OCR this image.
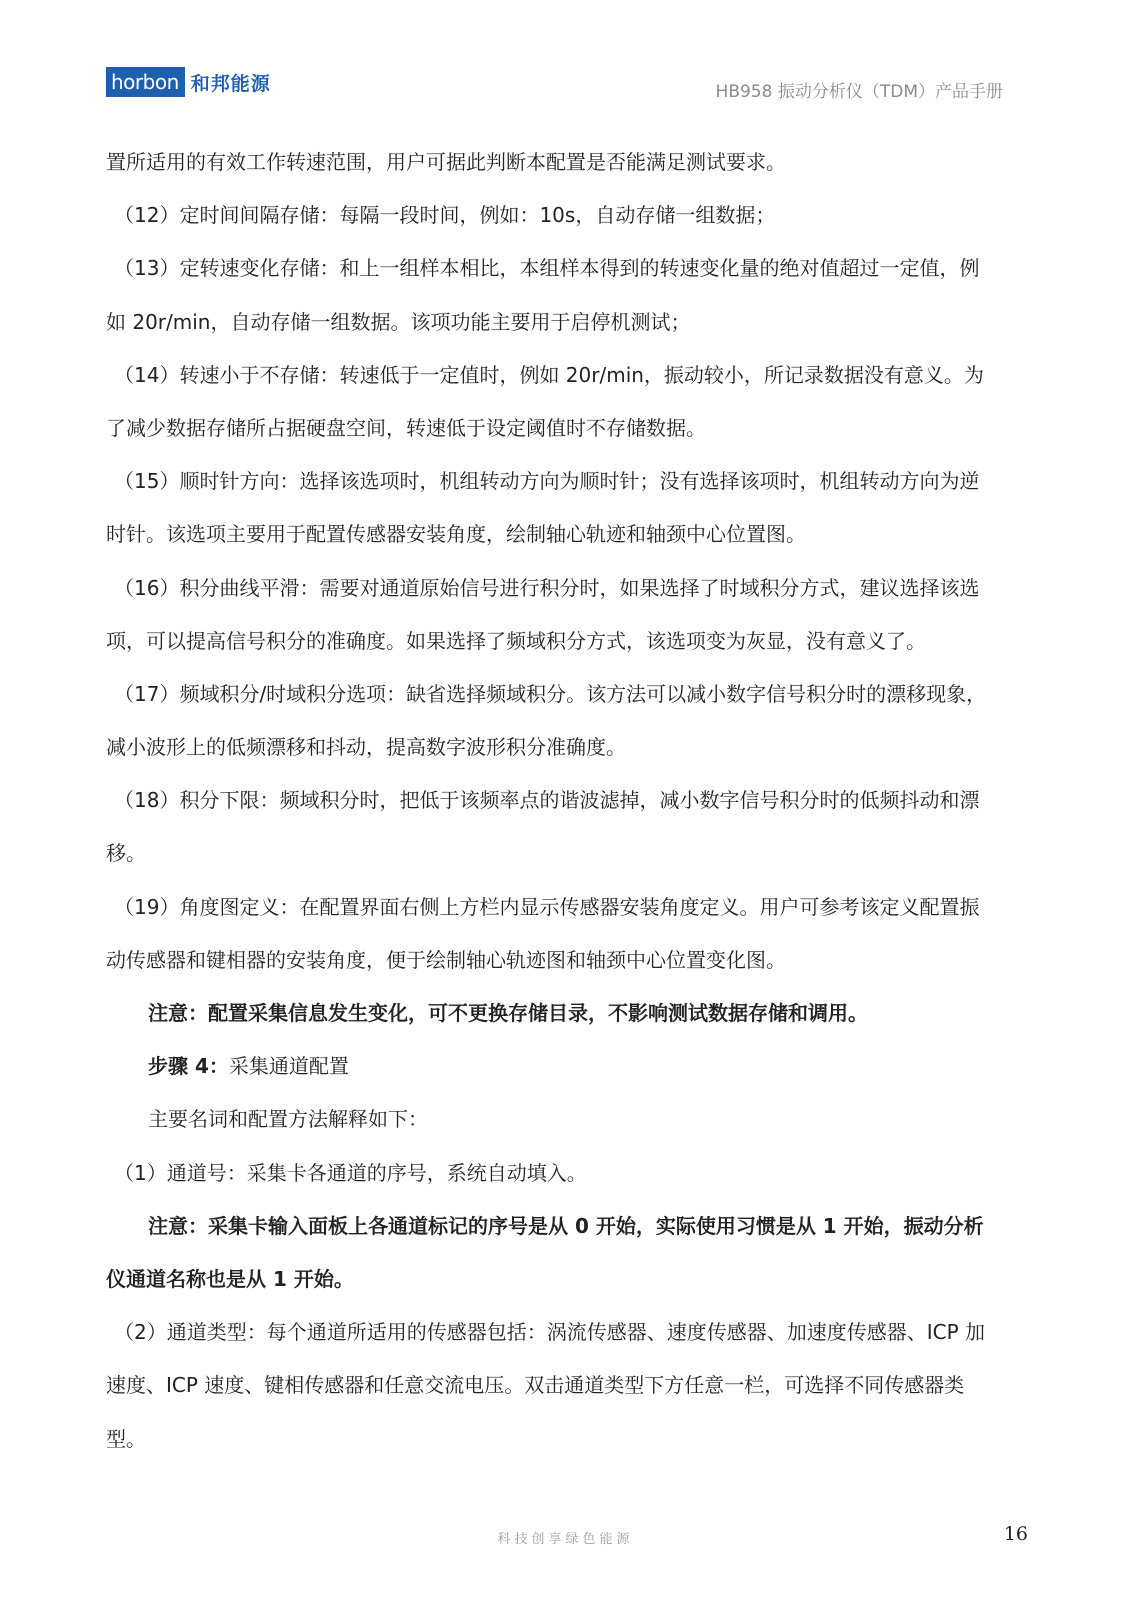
horbon 和邦能源	HB958 振动分析仪（TDM）产品手册
置所适用的有效工作转速范围，用户可据此判断本配置是否能满足测试要求。
（12）定时间间隔存储：每隔一段时间，例如：10s，自动存储一组数据；
（13）定转速变化存储：和上一组样本相比，本组样本得到的转速变化量的绝对值超过一定值，例
如 20r/min，自动存储一组数据。该项功能主要用于启停机测试；
（14）转速小于不存储：转速低于一定值时，例如 20r/min，振动较小，所记录数据没有意义。为
了减少数据存储所占据硬盘空间，转速低于设定阈值时不存储数据。
（15）顺时针方向：选择该选项时，机组转动方向为顺时针；没有选择该项时，机组转动方向为逆
时针。该选项主要用于配置传感器安装角度，绘制轴心轨迹和轴颈中心位置图。
（16）积分曲线平滑：需要对通道原始信号进行积分时，如果选择了时域积分方式，建议选择该选
项，可以提高信号积分的准确度。如果选择了频域积分方式，该选项变为灰显，没有意义了。
（17）频域积分/时域积分选项：缺省选择频域积分。该方法可以减小数字信号积分时的漂移现象，
减小波形上的低频漂移和抖动，提高数字波形积分准确度。
（18）积分下限：频域积分时，把低于该频率点的谐波滤掉，减小数字信号积分时的低频抖动和漂
移。
（19）角度图定义：在配置界面右侧上方栏内显示传感器安装角度定义。用户可参考该定义配置振
动传感器和键相器的安装角度，便于绘制轴心轨迹图和轴颈中心位置变化图。
注意：配置采集信息发生变化，可不更换存储目录，不影响测试数据存储和调用。
步骤 4：采集通道配置
主要名词和配置方法解释如下：
（1）通道号：采集卡各通道的序号，系统自动填入。
注意：采集卡输入面板上各通道标记的序号是从 0 开始，实际使用习惯是从 1 开始，振动分析
仪通道名称也是从 1 开始。
（2）通道类型：每个通道所适用的传感器包括：涡流传感器、速度传感器、加速度传感器、ICP 加
速度、ICP 速度、键相传感器和任意交流电压。双击通道类型下方任意一栏，可选择不同传感器类
型。
科技创享绿色能源	16
